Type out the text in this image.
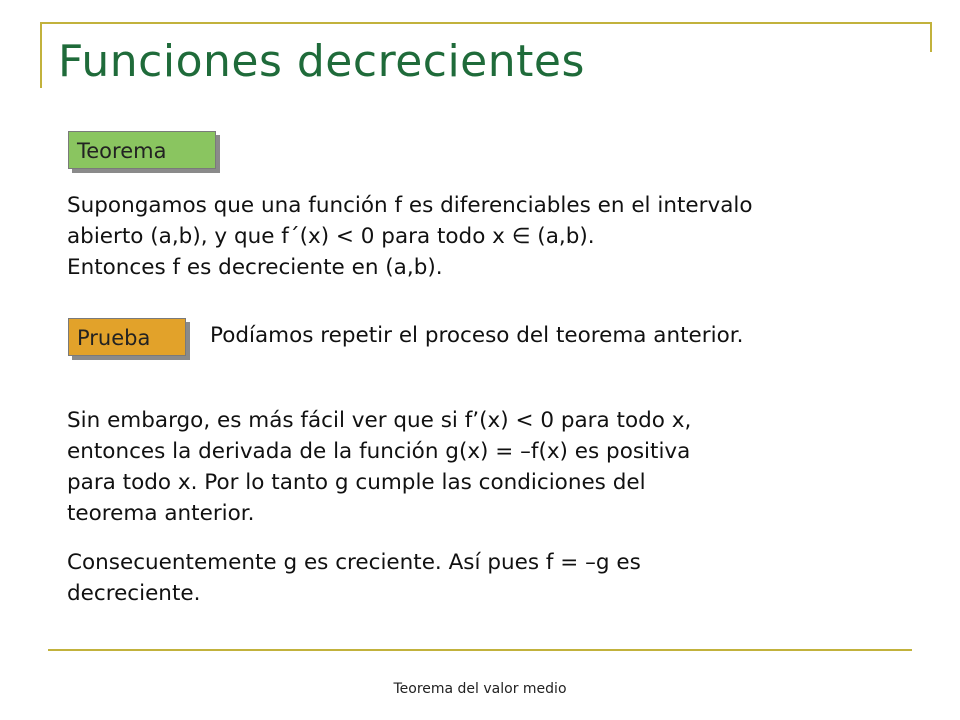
Funciones decrecientes
Teorema
Supongamos que una función f es diferenciables en el intervalo
abierto (a,b), y que f´(x) < 0 para todo x ∈ (a,b).
Entonces f es decreciente en (a,b).
Prueba	Podíamos repetir el proceso del teorema anterior.
Sin embargo, es más fácil ver que si f’(x) < 0 para todo x,
entonces la derivada de la función g(x) = –f(x) es positiva
para todo x. Por lo tanto g cumple las condiciones del
teorema anterior.
Consecuentemente g es creciente. Así pues f = –g es
decreciente.
Teorema del valor medio
